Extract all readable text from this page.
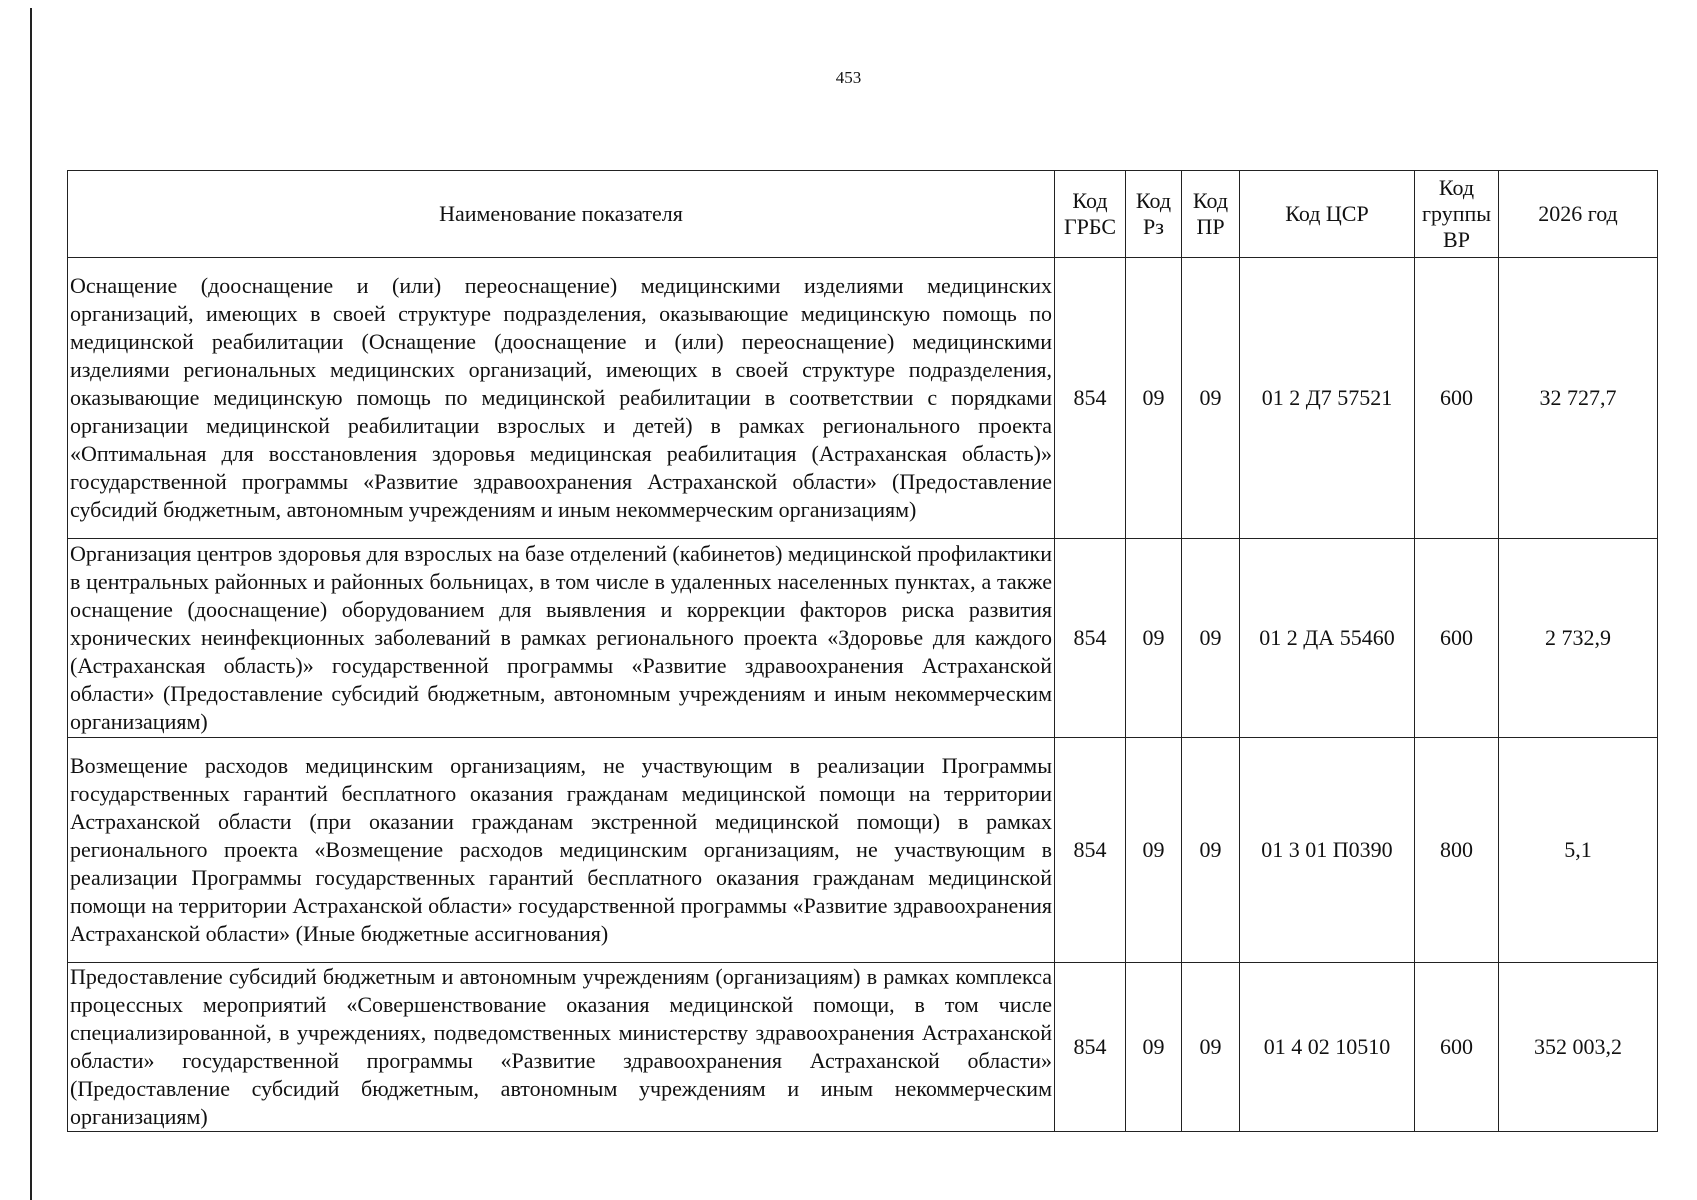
453
Наименование показателя	Код ГРБС	Код Рз	Код ПР	Код ЦСР	Код группы ВР	2026 год
Оснащение (дооснащение и (или) переоснащение) медицинскими изделиями медицинских организаций, имеющих в своей структуре подразделения, оказывающие медицинскую помощь по медицинской реабилитации (Оснащение (дооснащение и (или) переоснащение) медицинскими изделиями региональных медицинских организаций, имеющих в своей структуре подразделения, оказывающие медицинскую помощь по медицинской реабилитации в соответствии с порядками организации медицинской реабилитации взрослых и детей) в рамках регионального проекта «Оптимальная для восстановления здоровья медицинская реабилитация (Астраханская область)» государственной программы «Развитие здравоохранения Астраханской области» (Предоставление субсидий бюджетным, автономным учреждениям и иным некоммерческим организациям)	854	09	09	01 2 Д7 57521	600	32 727,7
Организация центров здоровья для взрослых на базе отделений (кабинетов) медицинской профилактики в центральных районных и районных больницах, в том числе в удаленных населенных пунктах, а также оснащение (дооснащение) оборудованием для выявления и коррекции факторов риска развития хронических неинфекционных заболеваний в рамках регионального проекта «Здоровье для каждого (Астраханская область)» государственной программы «Развитие здравоохранения Астраханской области» (Предоставление субсидий бюджетным, автономным учреждениям и иным некоммерческим организациям)	854	09	09	01 2 ДА 55460	600	2 732,9
Возмещение расходов медицинским организациям, не участвующим в реализации Программы государственных гарантий бесплатного оказания гражданам медицинской помощи на территории Астраханской области (при оказании гражданам экстренной медицинской помощи) в рамках регионального проекта «Возмещение расходов медицинским организациям, не участвующим в реализации Программы государственных гарантий бесплатного оказания гражданам медицинской помощи на территории Астраханской области» государственной программы «Развитие здравоохранения Астраханской области» (Иные бюджетные ассигнования)	854	09	09	01 3 01 П0390	800	5,1
Предоставление субсидий бюджетным и автономным учреждениям (организациям) в рамках комплекса процессных мероприятий «Совершенствование оказания медицинской помощи, в том числе специализированной, в учреждениях, подведомственных министерству здравоохранения Астраханской области» государственной программы «Развитие здравоохранения Астраханской области» (Предоставление субсидий бюджетным, автономным учреждениям и иным некоммерческим организациям)	854	09	09	01 4 02 10510	600	352 003,2
